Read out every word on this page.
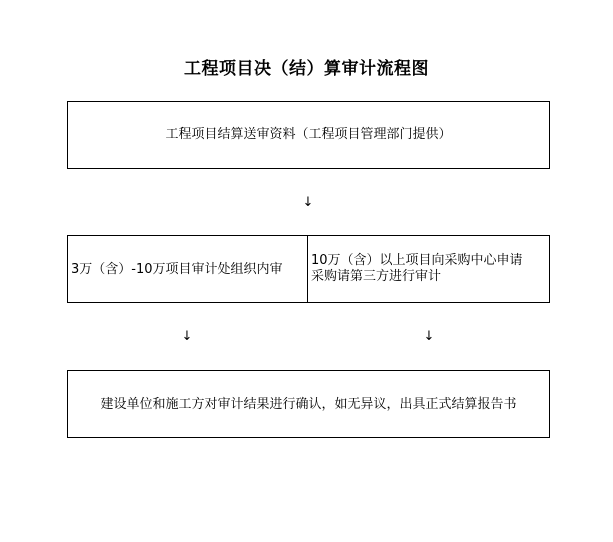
工程项目决（结）算审计流程图
工程项目结算送审资料（工程项目管理部门提供）
↓
3万（含）-10万项目审计处组织内审
10万（含）以上项目向采购中心申请
采购请第三方进行审计
↓	↓
建设单位和施工方对审计结果进行确认，如无异议，出具正式结算报告书
